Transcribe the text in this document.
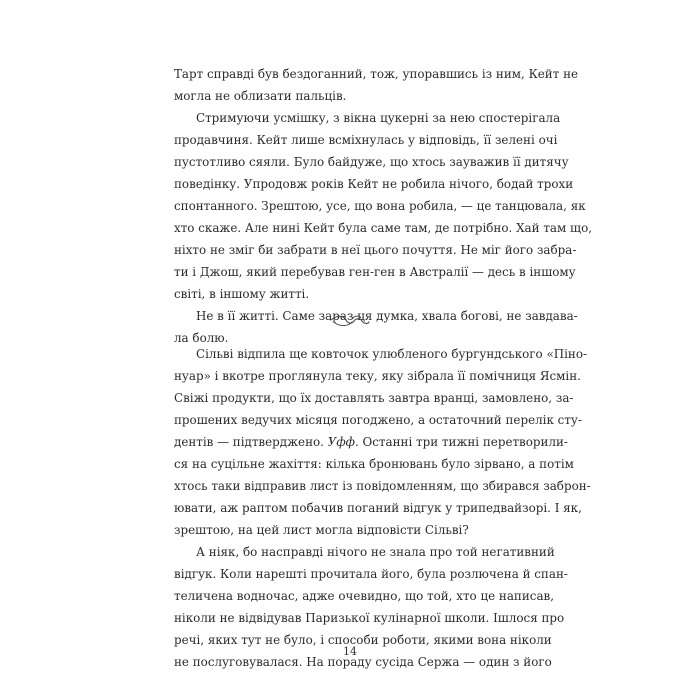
Тарт справді був бездоганний, тож, упоравшись із ним, Кейт не
могла не облизати пальців.
Стримуючи усмішку, з вікна цукерні за нею спостерігала
продавчиня. Кейт лише всміхнулась у відповідь, її зелені очі
пустотливо сяяли. Було байдуже, що хтось зауважив її дитячу
поведінку. Упродовж років Кейт не робила нічого, бодай трохи
спонтанного. Зрештою, усе, що вона робила, — це танцювала, як
хто скаже. Але нині Кейт була саме там, де потрібно. Хай там що,
ніхто не зміг би забрати в неї цього почуття. Не міг його забра-
ти і Джош, який перебував ген-ген в Австралії — десь в іншому
світі, в іншому житті.
Не в її житті. Саме зараз ця думка, хвала богові, не завдава-
ла болю.
Сільві відпила ще ковточок улюбленого бургундського «Піно-
нуар» і вкотре проглянула теку, яку зібрала її помічниця Ясмін.
Свіжі продукти, що їх доставлять завтра вранці, замовлено, за-
прошених ведучих місяця погоджено, а остаточний перелік сту-
дентів — підтверджено. Уфф. Останні три тижні перетворили-
ся на суцільне жахіття: кілька бронювань було зірвано, а потім
хтось таки відправив лист із повідомленням, що збирався заброн-
ювати, аж раптом побачив поганий відгук у трипедвайзорі. І як,
зрештою, на цей лист могла відповісти Сільві?
А ніяк, бо насправді нічого не знала про той негативний
відгук. Коли нарешті прочитала його, була розлючена й спан-
теличена водночас, адже очевидно, що той, хто це написав,
ніколи не відвідував Паризької кулінарної школи. Ішлося про
речі, яких тут не було, і способи роботи, якими вона ніколи
не послуговувалася. На пораду сусіда Сержа — один з його
14
